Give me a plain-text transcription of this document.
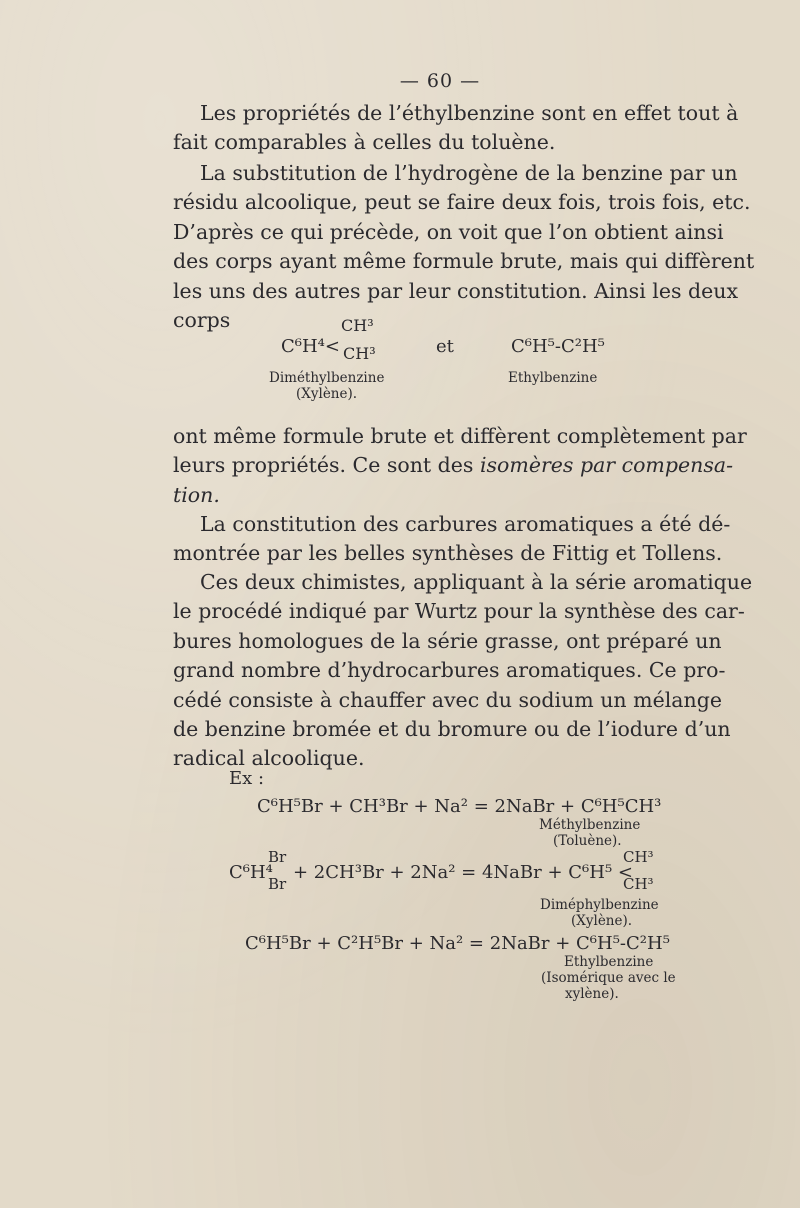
— 60 —
Les propriétés de l’éthylbenzine sont en effet tout à
fait comparables à celles du toluène.
La substitution de l’hydrogène de la benzine par un
résidu alcoolique, peut se faire deux fois, trois fois, etc.
D’après ce qui précède, on voit que l’on obtient ainsi
des corps ayant même formule brute, mais qui diffèrent
les uns des autres par leur constitution. Ainsi les deux
corps
C⁶H⁴<
CH³
CH³	et	C⁶H⁵-C²H⁵
Diméthylbenzine
(Xylène).
Ethylbenzine
ont même formule brute et diffèrent complètement par
leurs propriétés. Ce sont des isomères par compensa-
tion.
La constitution des carbures aromatiques a été dé-
montrée par les belles synthèses de Fittig et Tollens.
Ces deux chimistes, appliquant à la série aromatique
le procédé indiqué par Wurtz pour la synthèse des car-
bures homologues de la série grasse, ont préparé un
grand nombre d’hydrocarbures aromatiques. Ce pro-
cédé consiste à chauffer avec du sodium un mélange
de benzine bromée et du bromure ou de l’iodure d’un
radical alcoolique.
Ex :
C⁶H⁵Br + CH³Br + Na² = 2NaBr + C⁶H⁵CH³
Méthylbenzine
(Toluène).
C⁶H⁴
Br
Br
+ 2CH³Br + 2Na² = 4NaBr + C⁶H⁵ <
CH³
CH³
Diméphylbenzine
(Xylène).
C⁶H⁵Br + C²H⁵Br + Na² = 2NaBr + C⁶H⁵-C²H⁵
Ethylbenzine
(Isomérique avec le
xylène).
